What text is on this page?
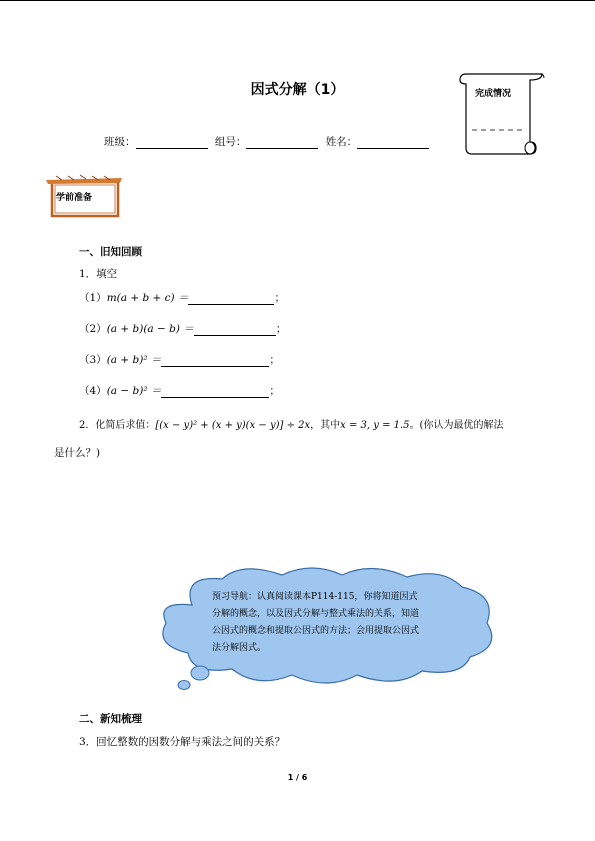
因式分解（1）	完成情况
班级：	组号：	姓名：
学前准备
一、旧知回顾
1．填空
（1）m(a + b + c) ＝	；
（2）(a + b)(a − b) ＝	；
（3）(a + b)² ＝	；
（4）(a − b)² ＝	；
2．化简后求值：[(x − y)² + (x + y)(x − y)] ÷ 2x，其中x = 3, y = 1.5。(你认为最优的解法
是什么？)
预习导航：认真阅读课本P114-115，你将知道因式分解的概念，以及因式分解与整式乘法的关系，知道公因式的概念和提取公因式的方法；会用提取公因式法分解因式。
二、新知梳理
3．回忆整数的因数分解与乘法之间的关系？
1 / 6
